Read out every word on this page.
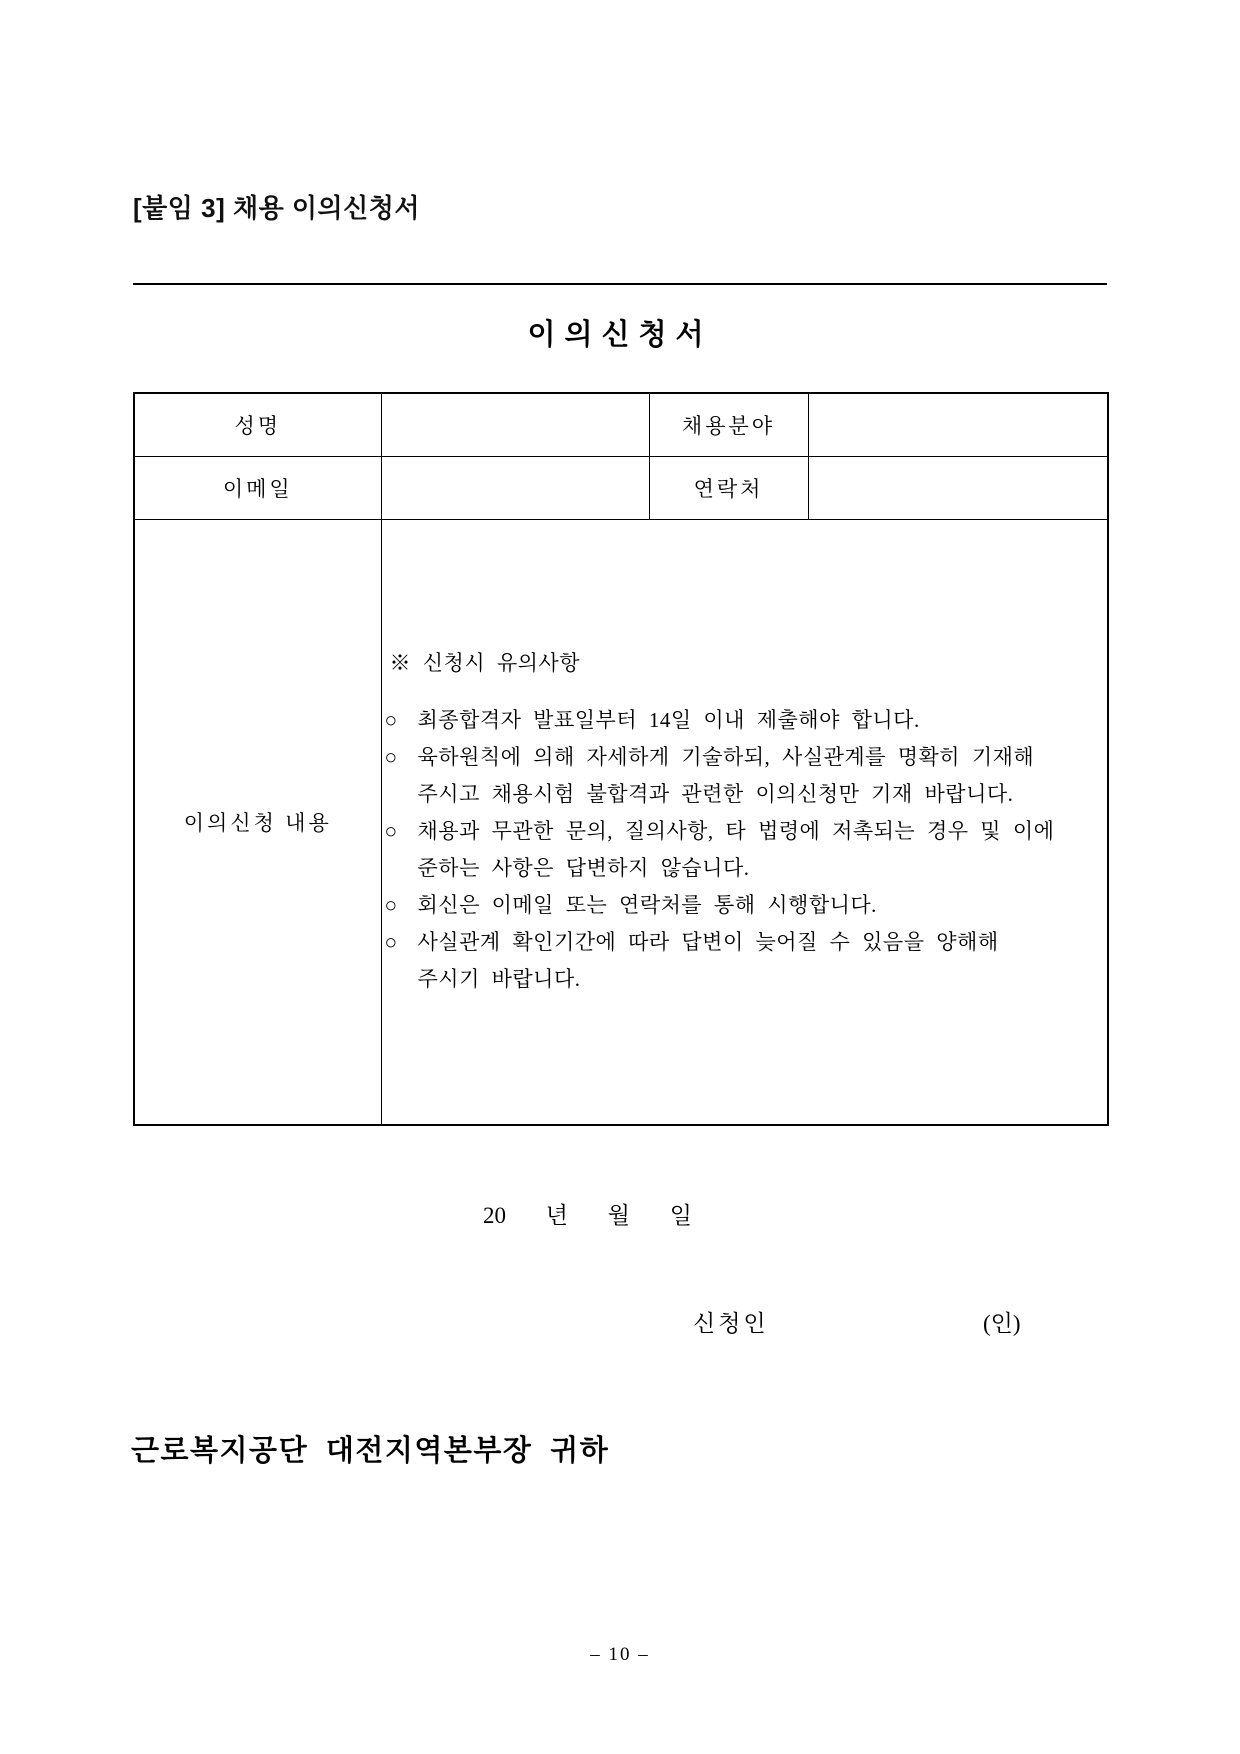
[붙임 3] 채용 이의신청서
이의신청서
성명		채용분야	
이메일		연락처	
이의신청 내용	
※ 신청시 유의사항
○ 최종합격자 발표일부터 14일 이내 제출해야 합니다.
○ 육하원칙에 의해 자세하게 기술하되, 사실관계를 명확히 기재해
주시고 채용시험 불합격과 관련한 이의신청만 기재 바랍니다.
○ 채용과 무관한 문의, 질의사항, 타 법령에 저촉되는 경우 및 이에
준하는 사항은 답변하지 않습니다.
○ 회신은 이메일 또는 연락처를 통해 시행합니다.
○ 사실관계 확인기간에 따라 답변이 늦어질 수 있음을 양해해
주시기 바랍니다.
20 년 월 일
신청인	(인)
근로복지공단 대전지역본부장 귀하
– 10 –
